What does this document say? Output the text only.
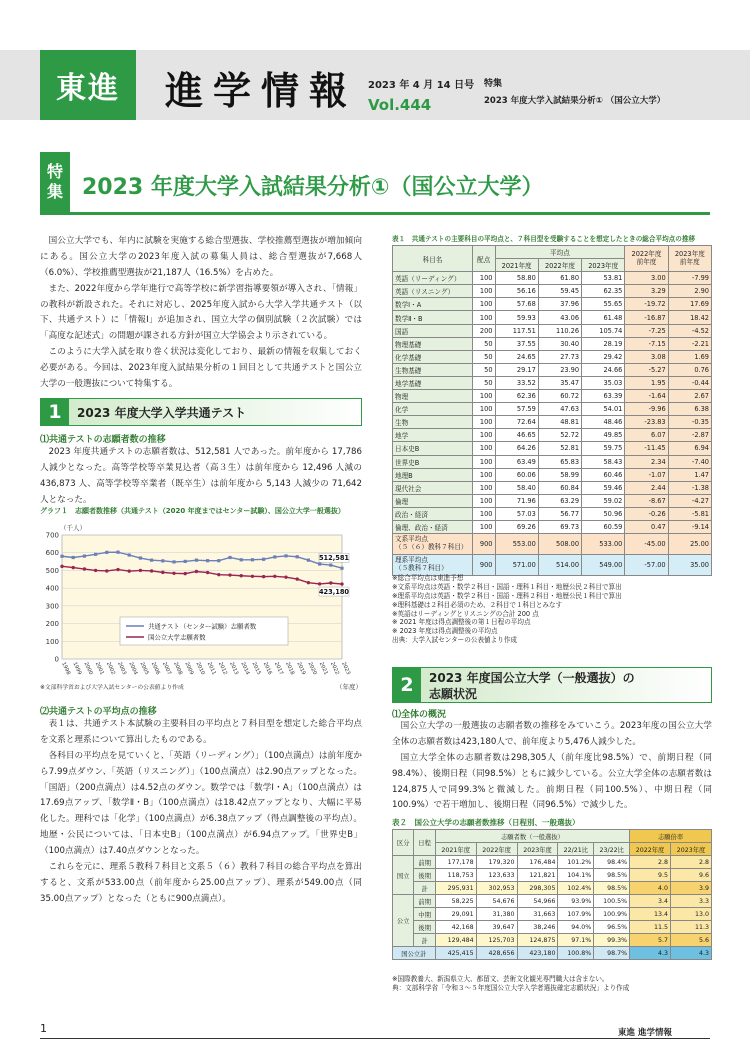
東進	進学情報 2023 年 4 月 14 日号
Vol.444
特集
2023 年度大学入試結果分析① （国公立大学）
特
集 2023 年度大学入試結果分析①（国公立大学）

国公立大学でも、年内に試験を実施する総合型選抜、学校推薦型選抜が増加傾向にある。国公立大学の2023年度入試の募集人員は、総合型選抜が7,668人（6.0%）、学校推薦型選抜が21,187人（16.5%）を占めた。

また、2022年度から学年進行で高等学校に新学習指導要領が導入され、「情報」の教科が新設された。それに対応し、2025年度入試から大学入学共通テスト（以下、共通テスト）に「情報Ⅰ」が追加され、国立大学の個別試験（２次試験）では「高度な記述式」の問題が課される方針が国立大学協会より示されている。

このように大学入試を取り巻く状況は変化しており、最新の情報を収集しておく必要がある。今回は、2023年度入試結果分析の１回目として共通テストと国公立大学の一般選抜について特集する。

1	2023 年度大学入学共通テスト
⑴共通テストの志願者数の推移

2023 年度共通テストの志願者数は、512,581 人であった。前年度から 17,786 人減少となった。高等学校等卒業見込者（高３生）は前年度から 12,496 人減の 436,873 人、高等学校等卒業者（既卒生）は前年度から 5,143 人減少の 71,642 人となった。

グラフ１　志願者数推移（共通テスト（2020 年度まではセンター試験）、国公立大学一般選抜）
0
100
200
300
400
500
600
700
（千人）
（年度）
1998 1999 2000 2001 2002 2003 2004 2005 2006 2007 2008 2009 2010 2011 2012 2013 2014 2015 2016 2017 2018 2019 2020 2021 2022 2023
512,581
423,180
共通テスト（センター試験）志願者数
国公立大学志願者数
※文部科学省および大学入試センターの公表値より作成
⑵共通テストの平均点の推移

表１は、共通テスト本試験の主要科目の平均点と７科目型を想定した総合平均点を文系と理系について算出したものである。

各科目の平均点を見ていくと、「英語（リーディング）」（100点満点）は前年度から7.99点ダウン、「英語（リスニング）」（100点満点）は2.90点アップとなった。「国語」（200点満点）は4.52点のダウン。数学では「数学Ⅰ・A」（100点満点）は17.69点アップ、「数学Ⅱ・B」（100点満点）は18.42点アップとなり、大幅に平易化した。理科では「化学」（100点満点）が6.38点アップ（得点調整後の平均点）。地歴・公民については、「日本史B」（100点満点）が6.94点アップ。「世界史B」（100点満点）は7.40点ダウンとなった。

これらを元に、理系５教科７科目と文系５（６）教科７科目の総合平均点を算出すると、文系が533.00点（前年度から25.00点アップ）、理系が549.00点（同35.00点アップ）となった（ともに900点満点）。

表１　共通テストの主要科目の平均点と、７科目型を受験することを想定したときの総合平均点の推移
科目名	配点	平均点			2022年度
前年度	2023年度
前年度
		2021年度	2022年度	2023年度		
英語（リーディング）	100	58.80	61.80	53.81	3.00	-7.99
英語（リスニング）	100	56.16	59.45	62.35	3.29	2.90
数学Ⅰ・A	100	57.68	37.96	55.65	-19.72	17.69
数学Ⅱ・B	100	59.93	43.06	61.48	-16.87	18.42
国語	200	117.51	110.26	105.74	-7.25	-4.52
物理基礎	50	37.55	30.40	28.19	-7.15	-2.21
化学基礎	50	24.65	27.73	29.42	3.08	1.69
生物基礎	50	29.17	23.90	24.66	-5.27	0.76
地学基礎	50	33.52	35.47	35.03	1.95	-0.44
物理	100	62.36	60.72	63.39	-1.64	2.67
化学	100	57.59	47.63	54.01	-9.96	6.38
生物	100	72.64	48.81	48.46	-23.83	-0.35
地学	100	46.65	52.72	49.85	6.07	-2.87
日本史B	100	64.26	52.81	59.75	-11.45	6.94
世界史B	100	63.49	65.83	58.43	2.34	-7.40
地理B	100	60.06	58.99	60.46	-1.07	1.47
現代社会	100	58.40	60.84	59.46	2.44	-1.38
倫理	100	71.96	63.29	59.02	-8.67	-4.27
政治・経済	100	57.03	56.77	50.96	-0.26	-5.81
倫理、政治・経済	100	69.26	69.73	60.59	0.47	-9.14
文系平均点
（５（６）教科７科目）	900	553.00	508.00	533.00	-45.00	25.00
理系平均点
（５教科７科目）	900	571.00	514.00	549.00	-57.00	35.00
※総合平均点は東進予想
※文系平均点は英語・数学２科目・国語・理科１科目・地歴公民２科目で算出
※理系平均点は英語・数学２科目・国語・理科２科目・地歴公民１科目で算出
※理科基礎は２科目必須のため、２科目で１科目とみなす
※英語はリーディングとリスニングの合計 200 点
※ 2021 年度は得点調整後の第１日程の平均点
※ 2023 年度は得点調整後の平均点
出典：大学入試センターの公表値より作成
2	2023 年度国公立大学（一般選抜）の
志願状況
⑴全体の概況

国公立大学の一般選抜の志願者数の推移をみていこう。2023年度の国公立大学全体の志願者数は423,180人で、前年度より5,476人減少した。

国立大学全体の志願者数は298,305人（前年度比98.5%）で、前期日程（同98.4%）、後期日程（同98.5%）ともに減少している。公立大学全体の志願者数は124,875人で同99.3%と微減した。前期日程（同100.5%）、中期日程（同100.9%）で若干増加し、後期日程（同96.5%）で減少した。

表２　国公立大学の志願者数推移（日程別、一般選抜）
区分	日程	志願者数（一般選抜）					志願倍率	
		2021年度	2022年度	2023年度	22/21比	23/22比	2022年度	2023年度
国立	前期	177,178	179,320	176,484	101.2%	98.4%	2.8	2.8
	後期	118,753	123,633	121,821	104.1%	98.5%	9.5	9.6
	計	295,931	302,953	298,305	102.4%	98.5%	4.0	3.9
公立	前期	58,225	54,676	54,966	93.9%	100.5%	3.4	3.3
	中期	29,091	31,380	31,663	107.9%	100.9%	13.4	13.0
	後期	42,168	39,647	38,246	94.0%	96.5%	11.5	11.3
	計	129,484	125,703	124,875	97.1%	99.3%	5.7	5.6
国公立計		425,415	428,656	423,180	100.8%	98.7%	4.3	4.3
※国際教養大、新潟県立大、都留文、芸術文化観光専門職大は含まない。
典：文部科学省「令和３～５年度国公立大学入学者選抜確定志願状況」より作成
1	東進 進学情報
